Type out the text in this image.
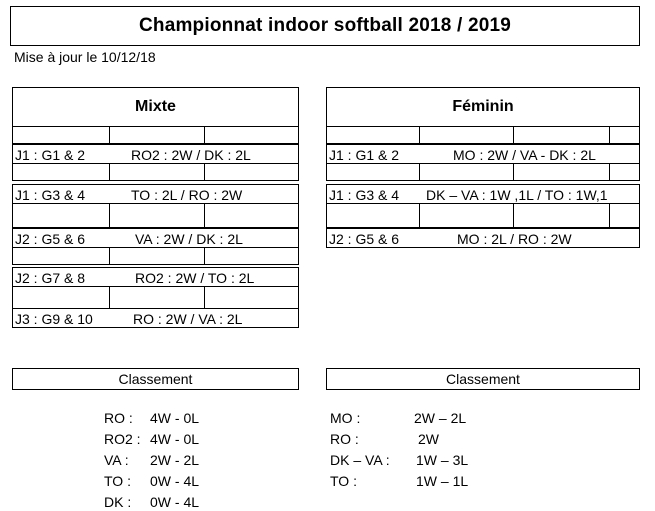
Championnat indoor softball 2018 / 2019
Mise à jour le 10/12/18
Mixte
J1 : G1 & 2	RO2 : 2W / DK : 2L
J1 : G3 & 4	TO : 2L / RO : 2W
J2 : G5 & 6	VA : 2W / DK : 2L
J2 : G7 & 8	RO2 : 2W / TO : 2L
J3 : G9 & 10	RO : 2W / VA : 2L
Féminin
J1 : G1 & 2	MO : 2W / VA - DK : 2L
J1 : G3 & 4 DK – VA : 1W ,1L / TO : 1W,1
J2 : G5 & 6	MO : 2L / RO : 2W
Classement	Classement
RO : 4W - 0L
RO2 : 4W - 0L
VA : 2W - 2L
TO : 0W - 4L
DK : 0W - 4L
MO :	2W – 2L
RO :	2W
DK – VA : 1W – 3L
TO :	1W – 1L
